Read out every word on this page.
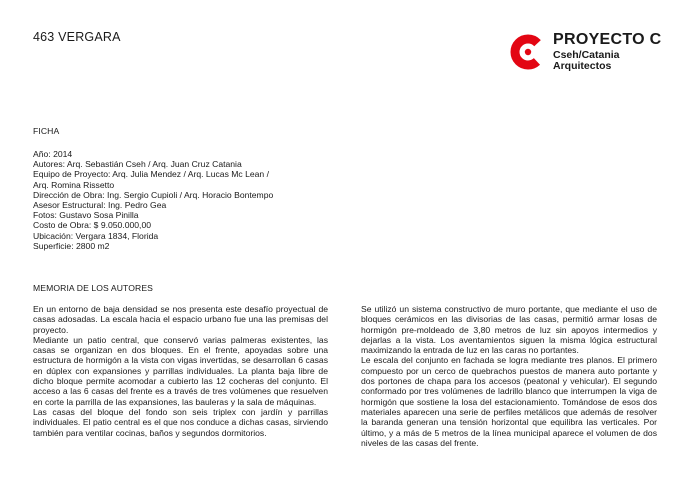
463 VERGARA	PROYECTO C
Cseh/Catania
Arquitectos
FICHA
Año: 2014
Autores: Arq. Sebastián Cseh / Arq. Juan Cruz Catania
Equipo de Proyecto: Arq. Julia Mendez / Arq. Lucas Mc Lean /
Arq. Romina Rissetto
Dirección de Obra: Ing. Sergio Cupioli / Arq. Horacio Bontempo
Asesor Estructural: Ing. Pedro Gea
Fotos: Gustavo Sosa Pinilla
Costo de Obra: $ 9.050.000,00
Ubicación: Vergara 1834, Florida
Superficie: 2800 m2
MEMORIA DE LOS AUTORES

En un entorno de baja densidad se nos presenta este desafío proyectual de casas adosadas. La escala hacia el espacio urbano fue una las premisas del proyecto.

Mediante un patio central, que conservó varias palmeras existentes, las casas se organizan en dos bloques. En el frente, apoyadas sobre una estructura de hormigón a la vista con vigas invertidas, se desarrollan 6 casas en dúplex con expansiones y parrillas individuales. La planta baja libre de dicho bloque permite acomodar a cubierto las 12 cocheras del conjunto. El acceso a las 6 casas del frente es a través de tres volúmenes que resuelven en corte la parrilla de las expansiones, las bauleras y la sala de máquinas.

Las casas del bloque del fondo son seis triplex con jardín y parrillas individuales. El patio central es el que nos conduce a dichas casas, sirviendo también para ventilar cocinas, baños y segundos dormitorios.

Se utilizó un sistema constructivo de muro portante, que mediante el uso de bloques cerámicos en las divisorias de las casas, permitió armar losas de hormigón pre-moldeado de 3,80 metros de luz sin apoyos intermedios y dejarlas a la vista. Los aventamientos siguen la misma lógica estructural maximizando la entrada de luz en las caras no portantes.

Le escala del conjunto en fachada se logra mediante tres planos. El primero compuesto por un cerco de quebrachos puestos de manera auto portante y dos portones de chapa para los accesos (peatonal y vehicular). El segundo conformado por tres volúmenes de ladrillo blanco que interrumpen la viga de hormigón que sostiene la losa del estacionamiento. Tomándose de esos dos materiales aparecen una serie de perfiles metálicos que además de resolver la baranda generan una tensión horizontal que equilibra las verticales. Por último, y a más de 5 metros de la línea municipal aparece el volumen de dos niveles de las casas del frente.
